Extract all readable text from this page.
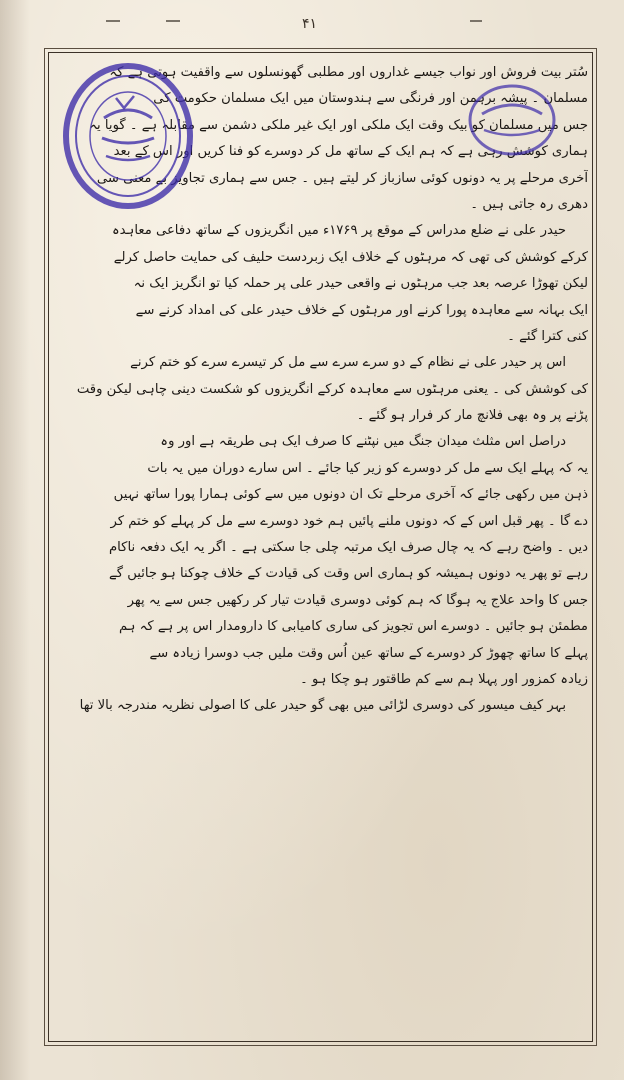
۴۱
سُتر بیت فروش اور نواب جیسے غداروں اور مطلبی گھونسلوں سے واقفیت ہوتی ہے کہ
مسلمان ۔ پیشہ برہمن اور فرنگی سے ہندوستان میں ایک مسلمان حکومت کی
جس میں مسلمان کو بیک وقت ایک ملکی اور ایک غیر ملکی دشمن سے مقابلہ ہے ۔ گویا یہ
ہماری کوشش رہی ہے کہ ہم ایک کے ساتھ مل کر دوسرے کو فنا کریں اور اس کے بعد
آخری مرحلے پر یہ دونوں کوئی سازباز کر لیتے ہیں ۔ جس سے ہماری تجاویز بے معنی سی
دھری رہ جاتی ہیں ۔
حیدر علی نے ضلع مدراس کے موقع پر ۱۷۶۹ء میں انگریزوں کے ساتھ دفاعی معاہدہ
کرکے کوشش کی تھی کہ مرہٹوں کے خلاف ایک زبردست حلیف کی حمایت حاصل کرلے
لیکن تھوڑا عرصہ بعد جب مرہٹوں نے واقعی حیدر علی پر حملہ کیا تو انگریز ایک نہ
ایک بہانہ سے معاہدہ پورا کرنے اور مرہٹوں کے خلاف حیدر علی کی امداد کرنے سے
کنی کترا گئے ۔
اس پر حیدر علی نے نظام کے دو سرے سرے سے مل کر تیسرے سرے کو ختم کرنے
کی کوشش کی ۔ یعنی مرہٹوں سے معاہدہ کرکے انگریزوں کو شکست دینی چاہی لیکن وقت
پڑنے پر وہ بھی فلانچ مار کر فرار ہو گئے ۔
دراصل اس مثلث میدان جنگ میں نپٹنے کا صرف ایک ہی طریقہ ہے اور وہ
یہ کہ پہلے ایک سے مل کر دوسرے کو زیر کیا جائے ۔ اس سارے دوران میں یہ بات
ذہن میں رکھی جائے کہ آخری مرحلے تک ان دونوں میں سے کوئی ہمارا پورا ساتھ نہیں
دے گا ۔ پھر قبل اس کے کہ دونوں ملنے پائیں ہم خود دوسرے سے مل کر پہلے کو ختم کر
دیں ۔ واضح رہے کہ یہ چال صرف ایک مرتبہ چلی جا سکتی ہے ۔ اگر یہ ایک دفعہ ناکام
رہے تو پھر یہ دونوں ہمیشہ کو ہماری اس وقت کی قیادت کے خلاف چوکنا ہو جائیں گے
جس کا واحد علاج یہ ہوگا کہ ہم کوئی دوسری قیادت تیار کر رکھیں جس سے یہ پھر
مطمئن ہو جائیں ۔ دوسرے اس تجویز کی ساری کامیابی کا دارومدار اس پر ہے کہ ہم
پہلے کا ساتھ چھوڑ کر دوسرے کے ساتھ عین اُس وقت ملیں جب دوسرا زیادہ سے
زیادہ کمزور اور پہلا ہم سے کم طاقتور ہو چکا ہو ۔
بہر کیف میسور کی دوسری لڑائی میں بھی گو حیدر علی کا اصولی نظریہ مندرجہ بالا تھا
